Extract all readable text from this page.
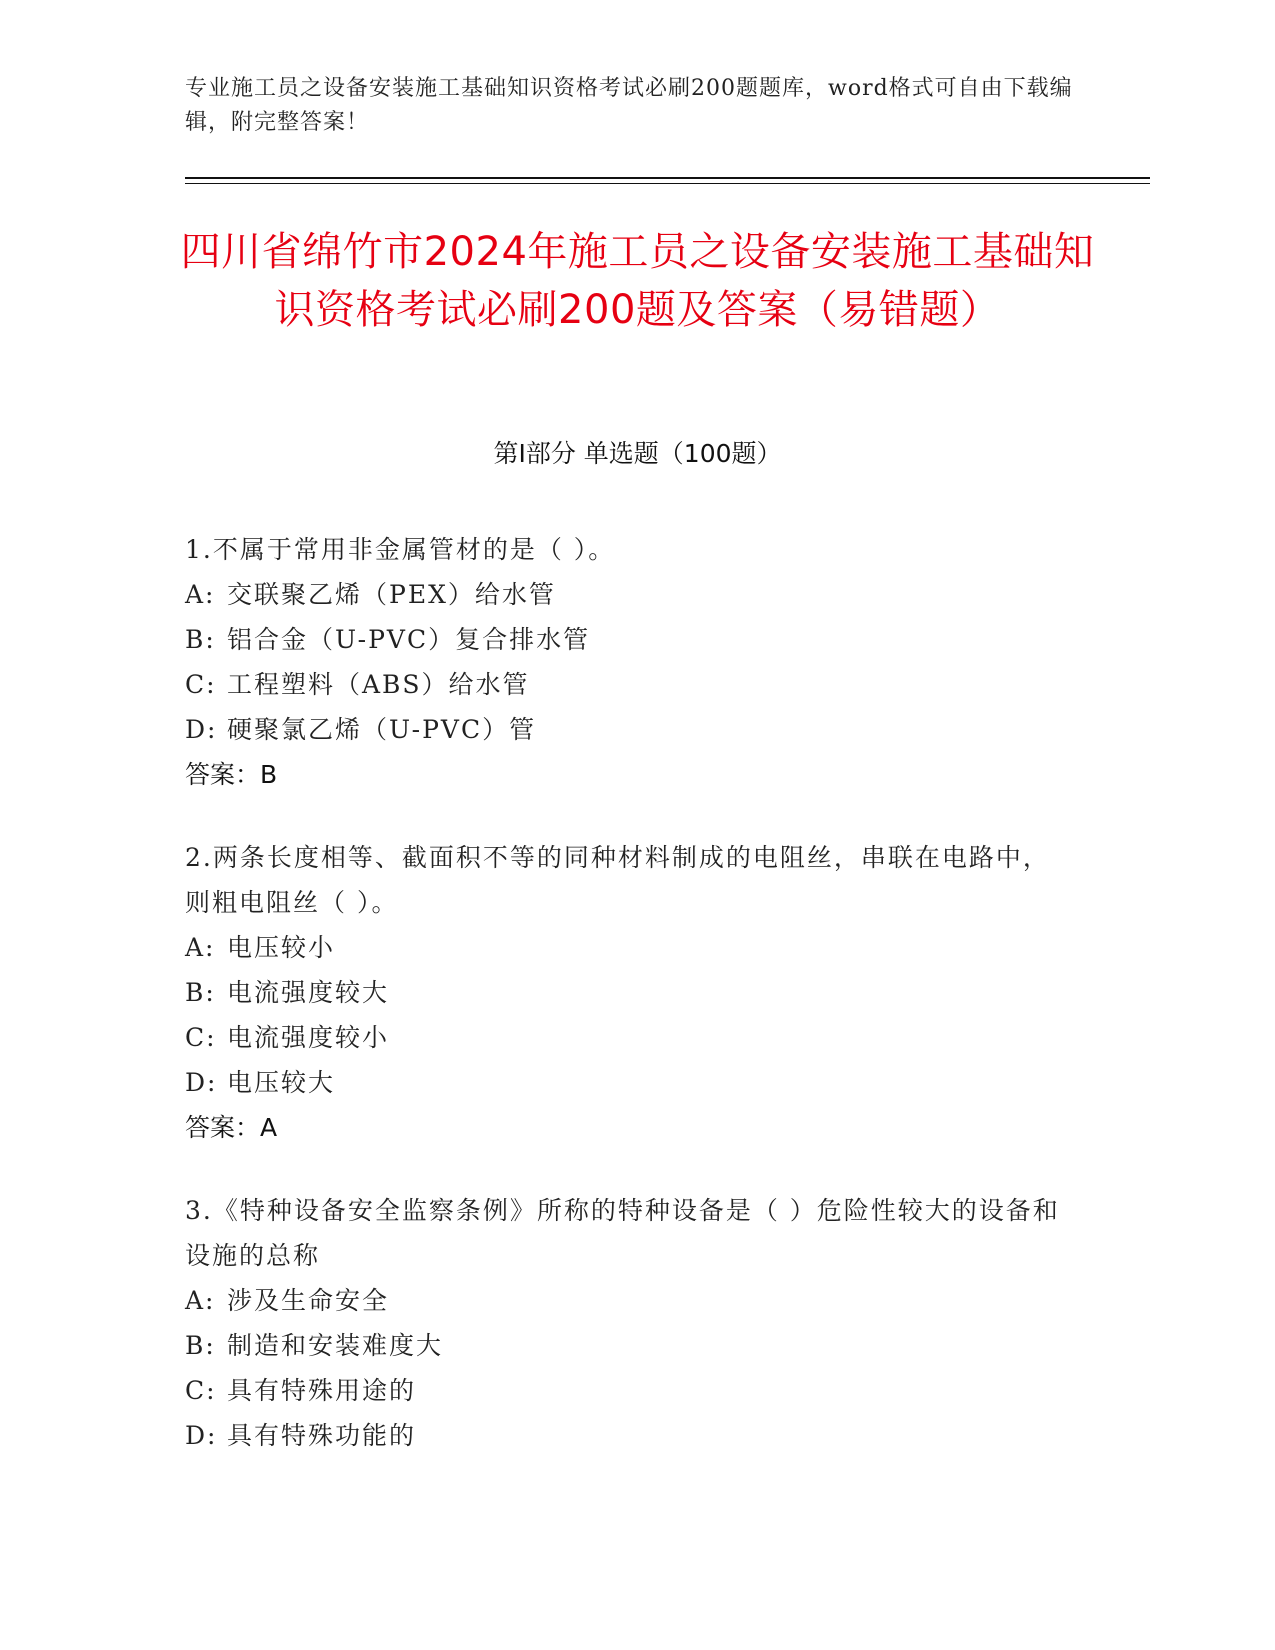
专业施工员之设备安装施工基础知识资格考试必刷200题题库，word格式可自由下载编辑，附完整答案！
四川省绵竹市2024年施工员之设备安装施工基础知识资格考试必刷200题及答案（易错题）
第Ⅰ部分 单选题（100题）
1.不属于常用非金属管材的是（ ）。
A: 交联聚乙烯（PEX）给水管
B: 铝合金（U-PVC）复合排水管
C: 工程塑料（ABS）给水管
D: 硬聚氯乙烯（U-PVC）管
答案：B
2.两条长度相等、截面积不等的同种材料制成的电阻丝，串联在电路中，则粗电阻丝（ ）。
A: 电压较小
B: 电流强度较大
C: 电流强度较小
D: 电压较大
答案：A
3.《特种设备安全监察条例》所称的特种设备是（ ）危险性较大的设备和设施的总称
A: 涉及生命安全
B: 制造和安装难度大
C: 具有特殊用途的
D: 具有特殊功能的
